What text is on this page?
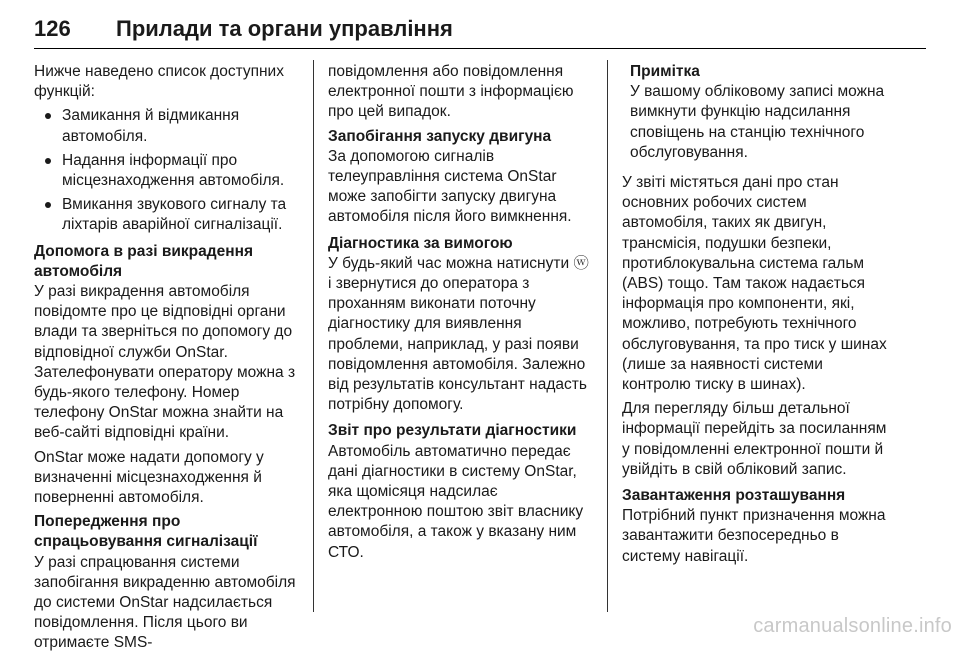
126 Прилади та органи управління

Нижче наведено список доступних функцій:

Замикання й відмикання автомобіля.
Надання інформації про місцезнаходження автомобіля.
Вмикання звукового сигналу та ліхтарів аварійної сигналізації.

Допомога в разі викрадення автомобіля

У разі викрадення автомобіля повідомте про це відповідні органи влади та зверніться по допомогу до відповідної служби OnStar. Зателефонувати оператору можна з будь-якого телефону. Номер телефону OnStar можна знайти на веб-сайті відповідні країни.

OnStar може надати допомогу у визначенні місцезнаходження й поверненні автомобіля.

Попередження про спрацьовування сигналізації

У разі спрацювання системи запобігання викраденню автомобіля до системи OnStar надсилається повідомлення. Після цього ви отримаєте SMS-

повідомлення або повідомлення електронної пошти з інформацією про цей випадок.

Запобігання запуску двигуна

За допомогою сигналів телеуправління система OnStar може запобігти запуску двигуна автомобіля після його вимкнення.

Діагностика за вимогою

У будь-який час можна натиснути ⓦ і звернутися до оператора з проханням виконати поточну діагностику для виявлення проблеми, наприклад, у разі появи повідомлення автомобіля. Залежно від результатів консультант надасть потрібну допомогу.

Звіт про результати діагностики

Автомобіль автоматично передає дані діагностики в систему OnStar, яка щомісяця надсилає електронною поштою звіт власнику автомобіля, а також у вказану ним СТО.

Примітка

У вашому обліковому записі можна вимкнути функцію надсилання сповіщень на станцію технічного обслуговування.

У звіті містяться дані про стан основних робочих систем автомобіля, таких як двигун, трансмісія, подушки безпеки, протиблокувальна система гальм (ABS) тощо. Там також надається інформація про компоненти, які, можливо, потребують технічного обслуговування, та про тиск у шинах (лише за наявності системи контролю тиску в шинах).

Для перегляду більш детальної інформації перейдіть за посиланням у повідомленні електронної пошти й увійдіть в свій обліковий запис.

Завантаження розташування

Потрібний пункт призначення можна завантажити безпосередньо в систему навігації.

carmanualsonline.info
